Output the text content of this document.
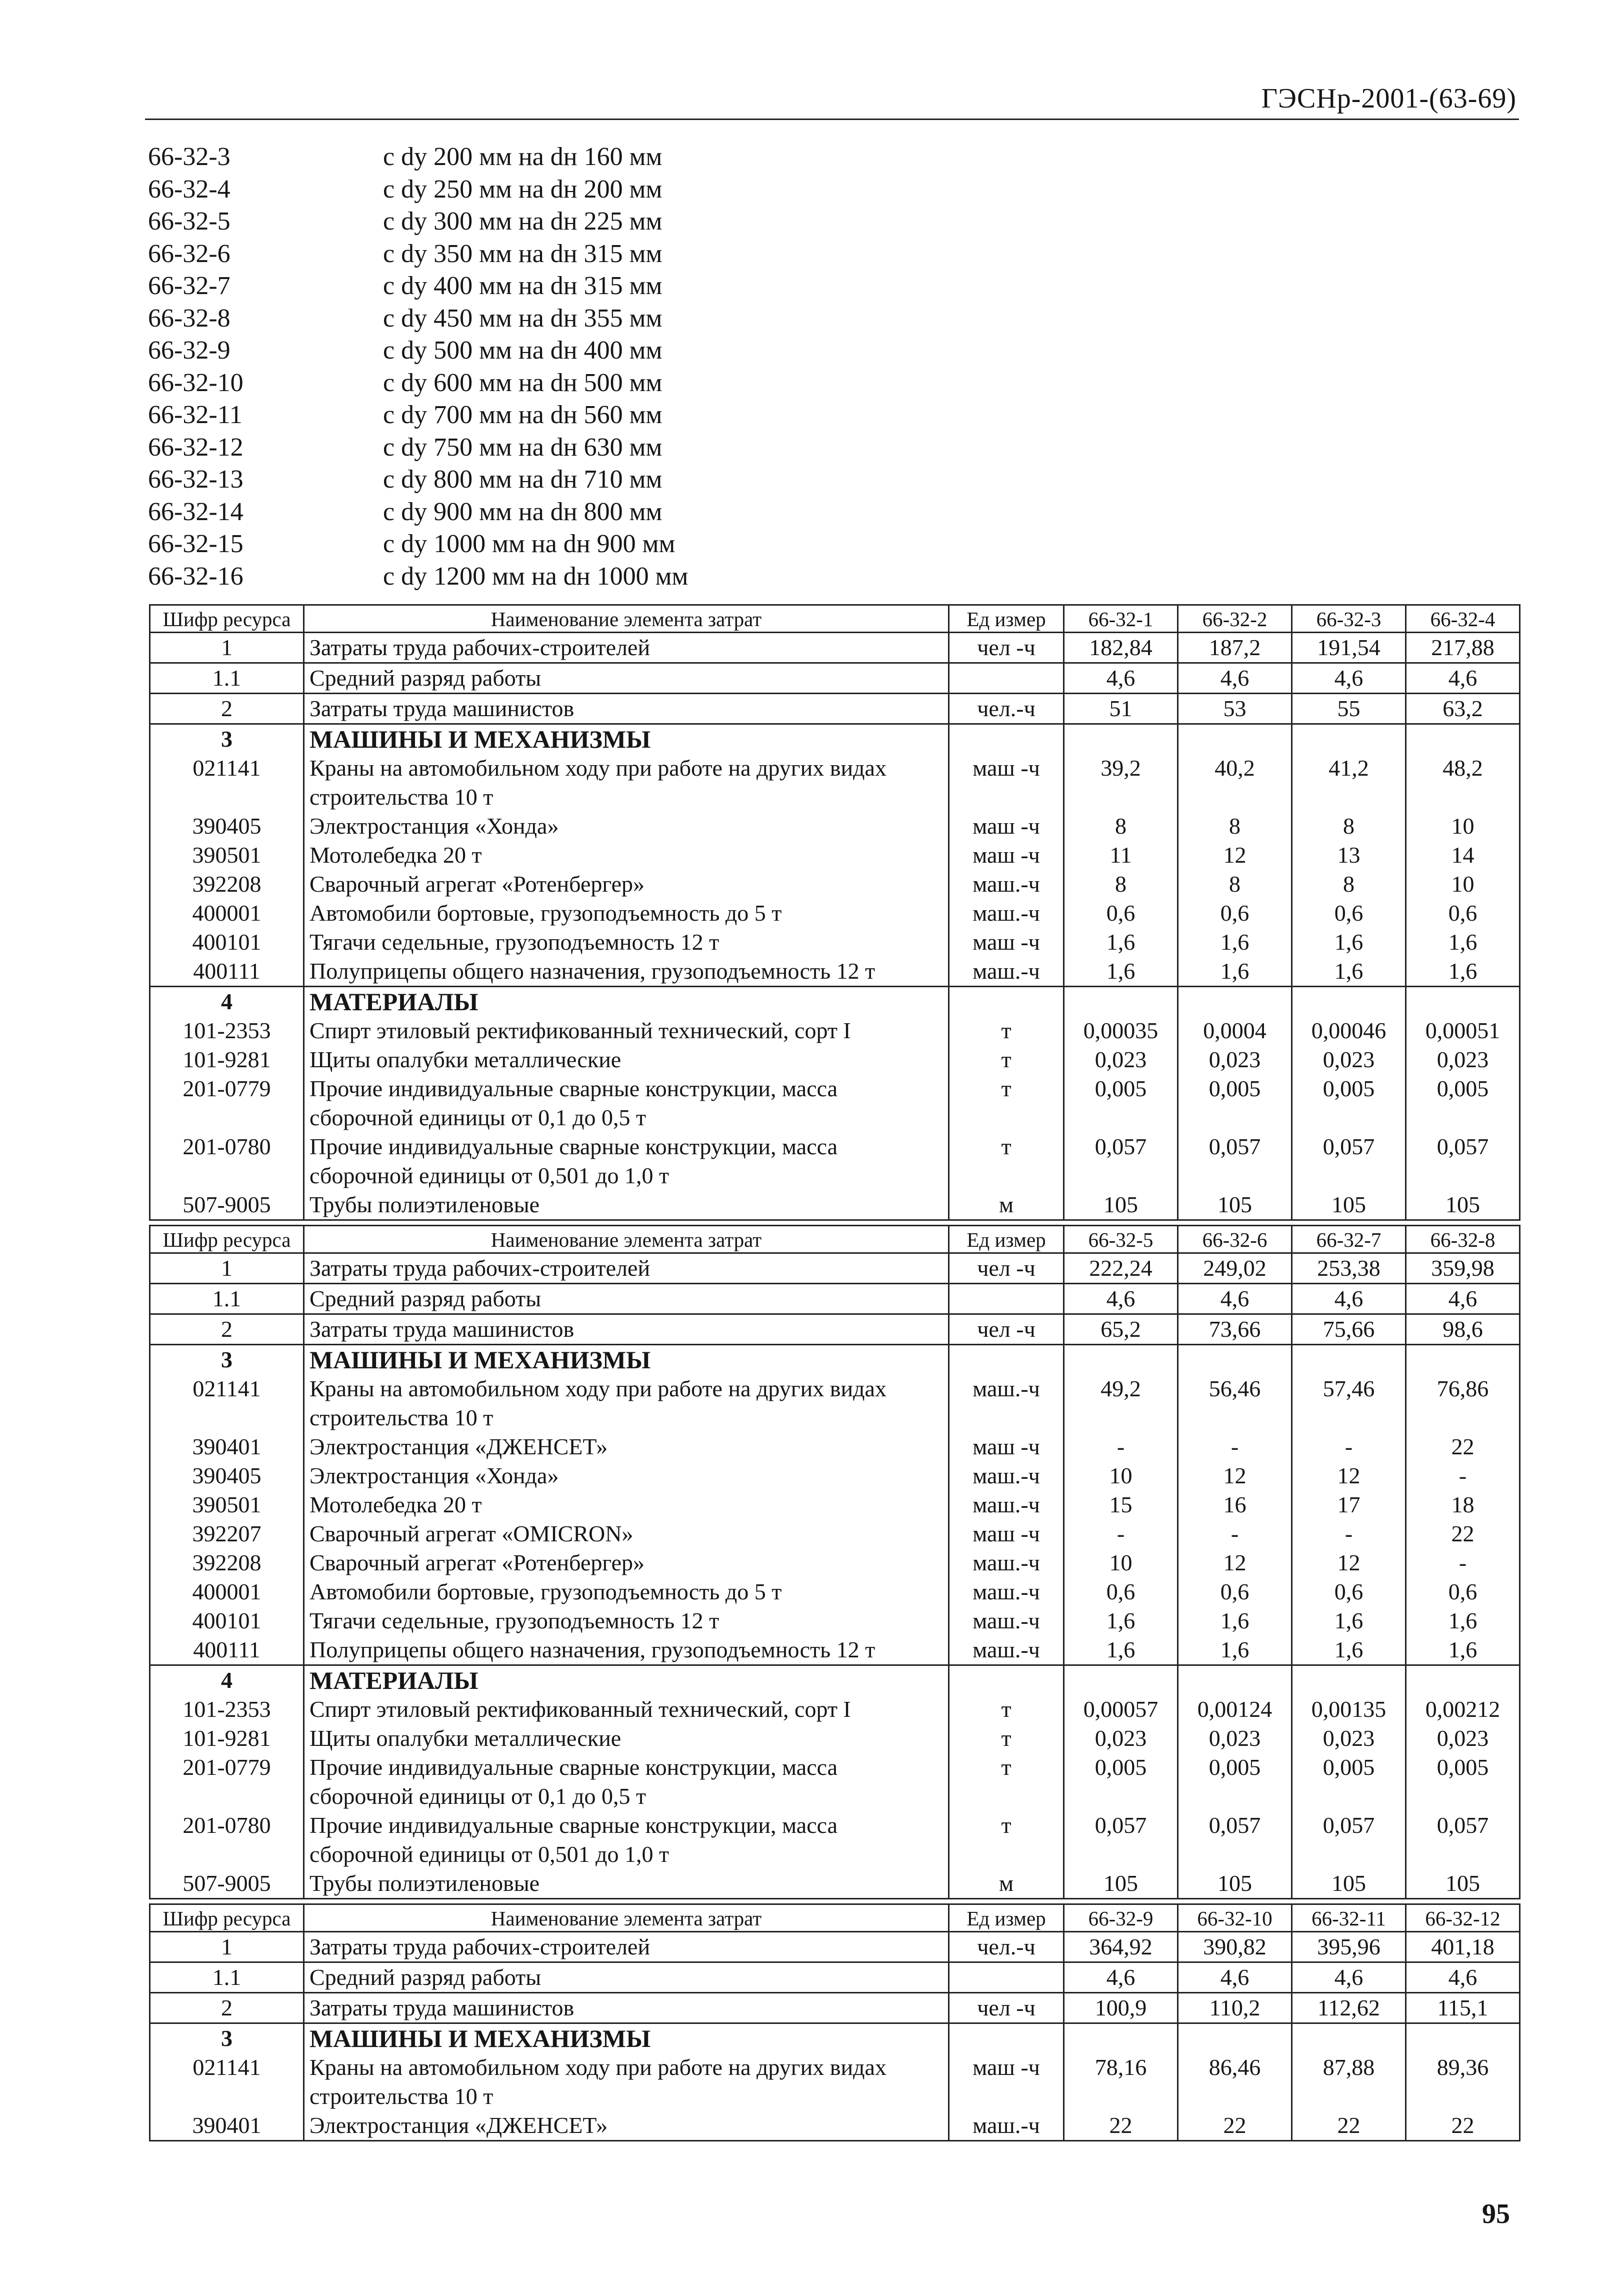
ГЭСНр-2001-(63-69)
66-32-3	с dу 200 мм на dн 160 мм
66-32-4	с dу 250 мм на dн 200 мм
66-32-5	с dу 300 мм на dн 225 мм
66-32-6	с dу 350 мм на dн 315 мм
66-32-7	с dу 400 мм на dн 315 мм
66-32-8	с dу 450 мм на dн 355 мм
66-32-9	с dу 500 мм на dн 400 мм
66-32-10	с dу 600 мм на dн 500 мм
66-32-11	с dу 700 мм на dн 560 мм
66-32-12	с dу 750 мм на dн 630 мм
66-32-13	с dу 800 мм на dн 710 мм
66-32-14	с dу 900 мм на dн 800 мм
66-32-15	с dу 1000 мм на dн 900 мм
66-32-16	с dу 1200 мм на dн 1000 мм
Шифр ресурса	Наименование элемента затрат	Ед измер	66-32-1	66-32-2	66-32-3	66-32-4
1	Затраты труда рабочих-строителей	чел -ч	182,84	187,2	191,54	217,88
1.1	Средний разряд работы		4,6	4,6	4,6	4,6
2	Затраты труда машинистов	чел.-ч	51	53	55	63,2
3	МАШИНЫ И МЕХАНИЗМЫ					
021141	Краны на автомобильном ходу при работе на других видах строительства 10 т	маш -ч	39,2	40,2	41,2	48,2
390405	Электростанция «Хонда»	маш -ч	8	8	8	10
390501	Мотолебедка 20 т	маш -ч	11	12	13	14
392208	Сварочный агрегат «Ротенбергер»	маш.-ч	8	8	8	10
400001	Автомобили бортовые, грузоподъемность до 5 т	маш.-ч	0,6	0,6	0,6	0,6
400101	Тягачи седельные, грузоподъемность 12 т	маш -ч	1,6	1,6	1,6	1,6
400111	Полуприцепы общего назначения, грузоподъемность 12 т	маш.-ч	1,6	1,6	1,6	1,6
4	МАТЕРИАЛЫ					
101-2353	Спирт этиловый ректификованный технический, сорт I	т	0,00035	0,0004	0,00046	0,00051
101-9281	Щиты опалубки металлические	т	0,023	0,023	0,023	0,023
201-0779	Прочие индивидуальные сварные конструкции, масса сборочной единицы от 0,1 до 0,5 т	т	0,005	0,005	0,005	0,005
201-0780	Прочие индивидуальные сварные конструкции, масса сборочной единицы от 0,501 до 1,0 т	т	0,057	0,057	0,057	0,057
507-9005	Трубы полиэтиленовые	м	105	105	105	105
Шифр ресурса	Наименование элемента затрат	Ед измер	66-32-5	66-32-6	66-32-7	66-32-8
1	Затраты труда рабочих-строителей	чел -ч	222,24	249,02	253,38	359,98
1.1	Средний разряд работы		4,6	4,6	4,6	4,6
2	Затраты труда машинистов	чел -ч	65,2	73,66	75,66	98,6
3	МАШИНЫ И МЕХАНИЗМЫ					
021141	Краны на автомобильном ходу при работе на других видах строительства 10 т	маш.-ч	49,2	56,46	57,46	76,86
390401	Электростанция «ДЖЕНСЕТ»	маш -ч	-	-	-	22
390405	Электростанция «Хонда»	маш.-ч	10	12	12	-
390501	Мотолебедка 20 т	маш.-ч	15	16	17	18
392207	Сварочный агрегат «OMICRON»	маш -ч	-	-	-	22
392208	Сварочный агрегат «Ротенбергер»	маш.-ч	10	12	12	-
400001	Автомобили бортовые, грузоподъемность до 5 т	маш.-ч	0,6	0,6	0,6	0,6
400101	Тягачи седельные, грузоподъемность 12 т	маш.-ч	1,6	1,6	1,6	1,6
400111	Полуприцепы общего назначения, грузоподъемность 12 т	маш.-ч	1,6	1,6	1,6	1,6
4	МАТЕРИАЛЫ					
101-2353	Спирт этиловый ректификованный технический, сорт I	т	0,00057	0,00124	0,00135	0,00212
101-9281	Щиты опалубки металлические	т	0,023	0,023	0,023	0,023
201-0779	Прочие индивидуальные сварные конструкции, масса сборочной единицы от 0,1 до 0,5 т	т	0,005	0,005	0,005	0,005
201-0780	Прочие индивидуальные сварные конструкции, масса сборочной единицы от 0,501 до 1,0 т	т	0,057	0,057	0,057	0,057
507-9005	Трубы полиэтиленовые	м	105	105	105	105
Шифр ресурса	Наименование элемента затрат	Ед измер	66-32-9	66-32-10	66-32-11	66-32-12
1	Затраты труда рабочих-строителей	чел.-ч	364,92	390,82	395,96	401,18
1.1	Средний разряд работы		4,6	4,6	4,6	4,6
2	Затраты труда машинистов	чел -ч	100,9	110,2	112,62	115,1
3	МАШИНЫ И МЕХАНИЗМЫ					
021141	Краны на автомобильном ходу при работе на других видах строительства 10 т	маш -ч	78,16	86,46	87,88	89,36
390401	Электростанция «ДЖЕНСЕТ»	маш.-ч	22	22	22	22
95
